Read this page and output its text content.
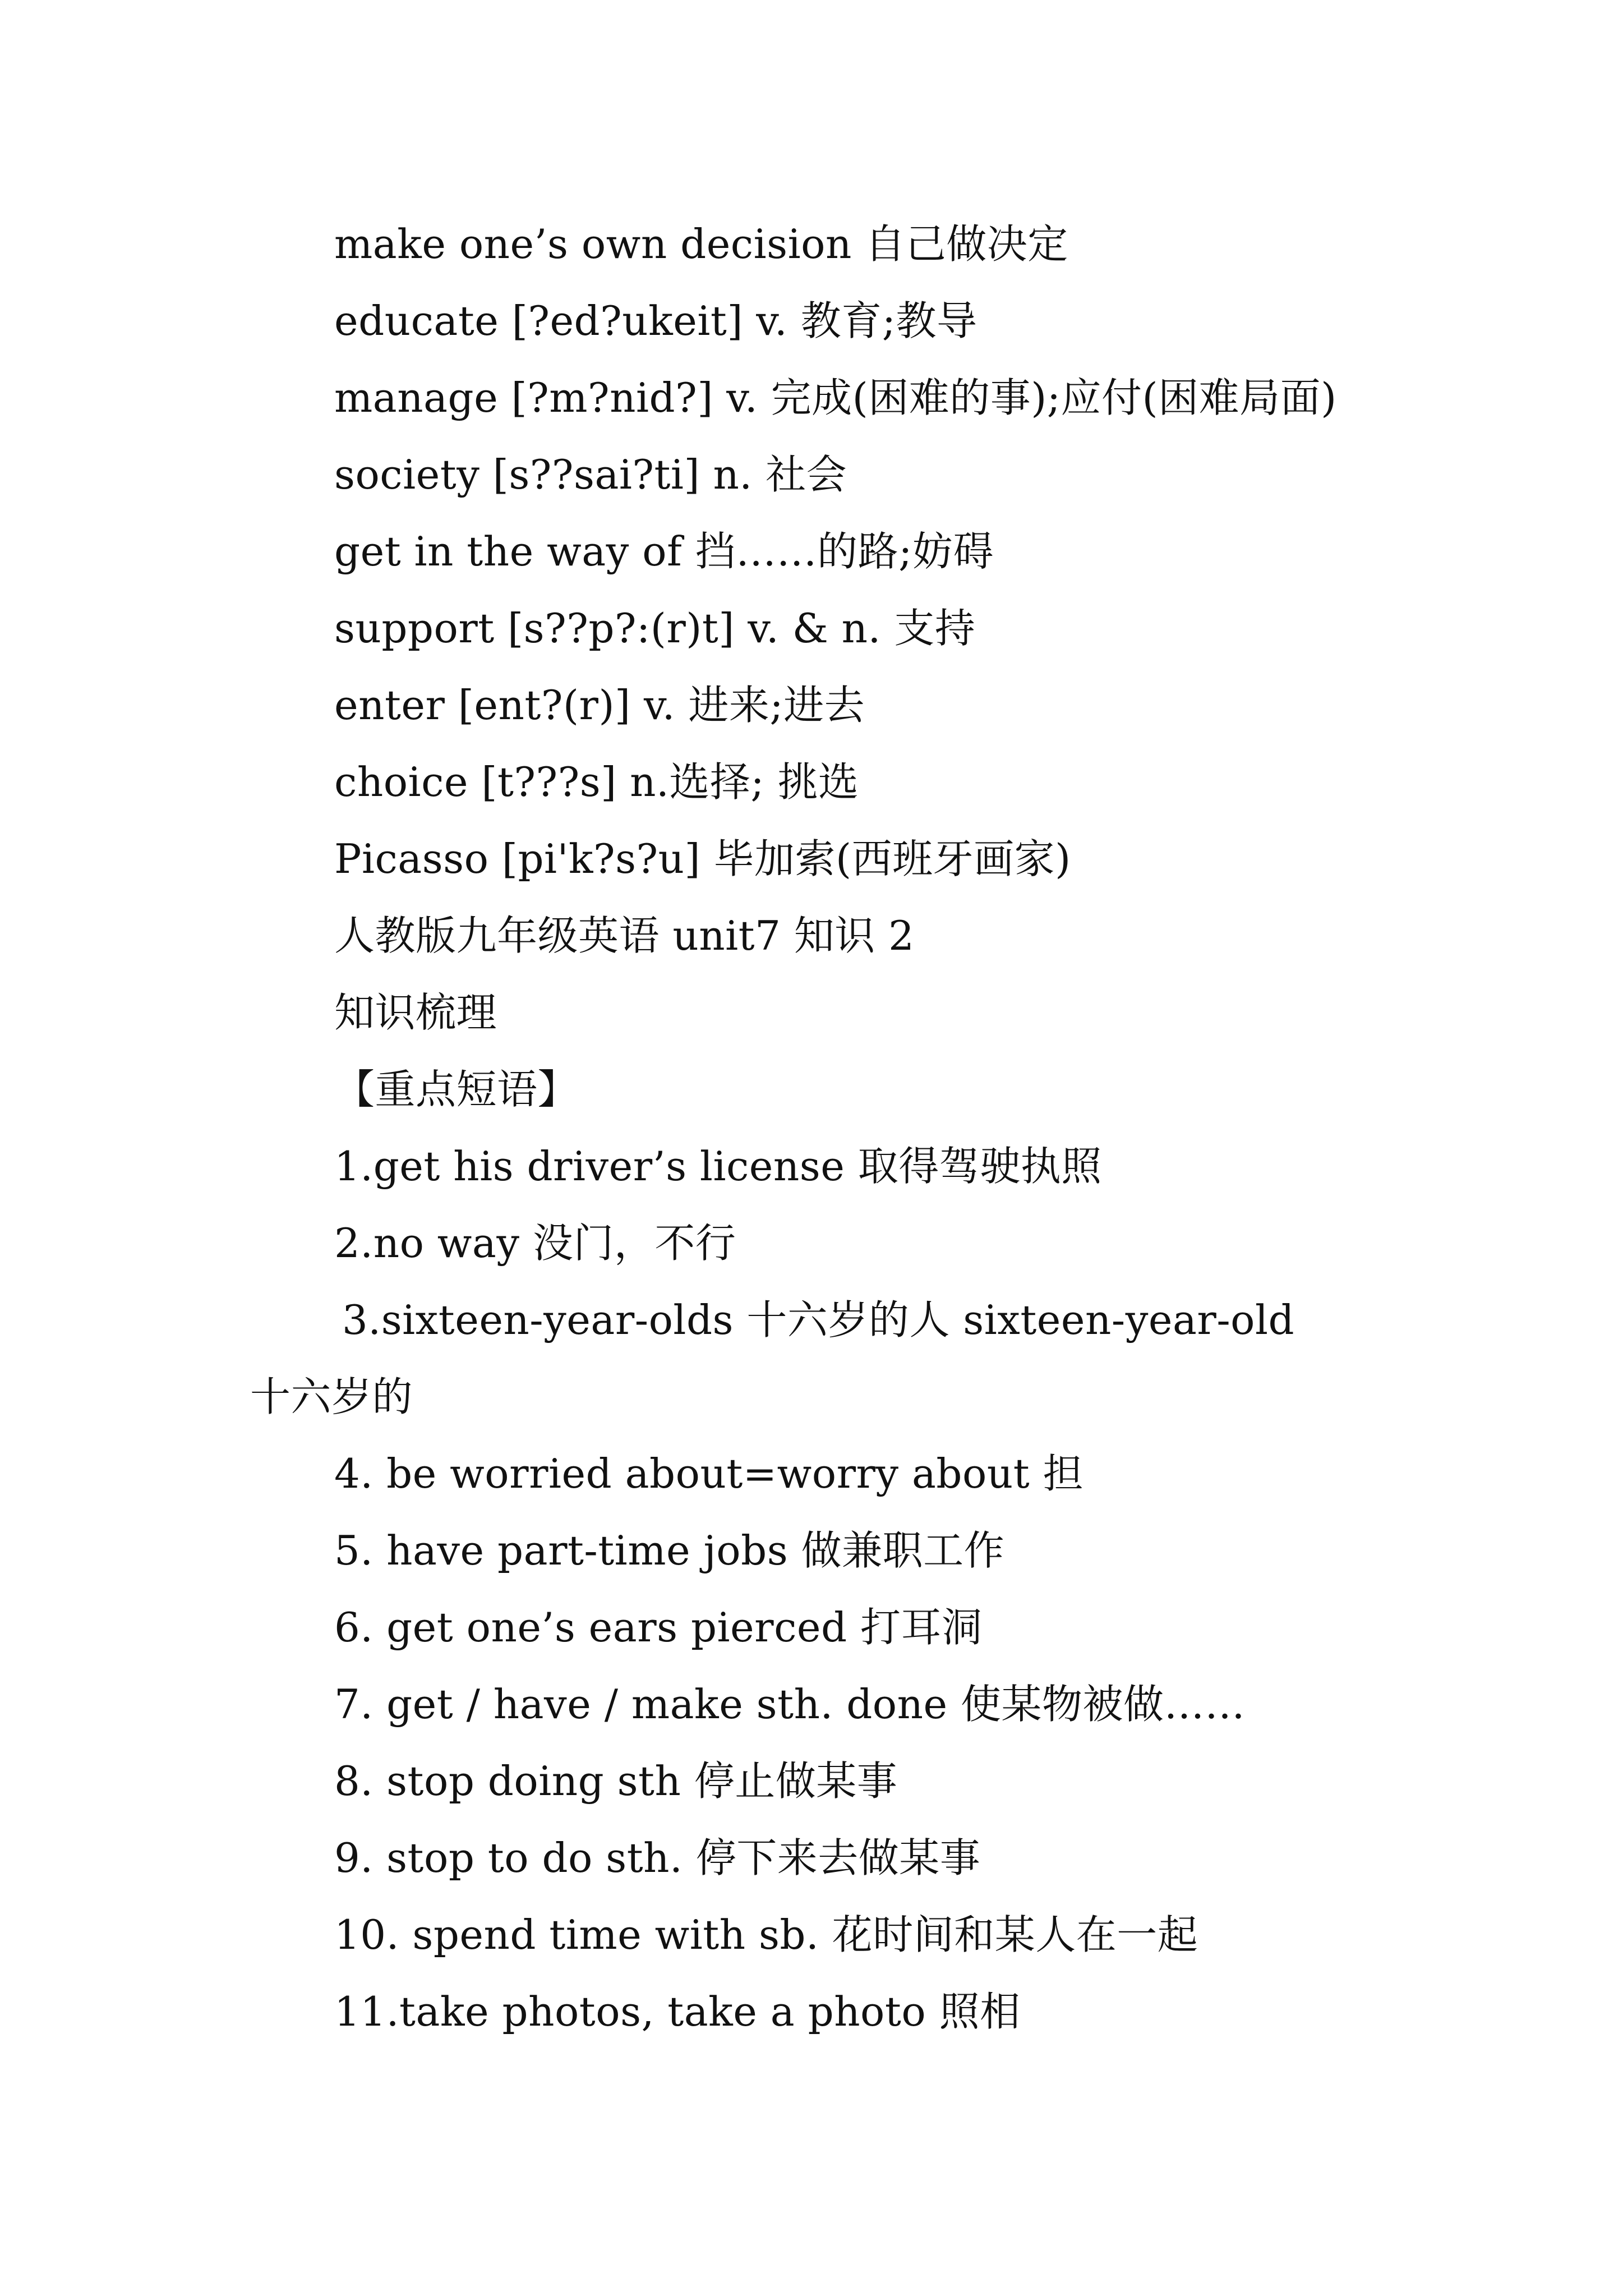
make one’s own decision 自己做决定
educate [?ed?ukeit] v. 教育;教导
manage [?m?nid?] v. 完成(困难的事);应付(困难局面)
society [s??sai?ti] n. 社会
get in the way of 挡……的路;妨碍
support [s??p?:(r)t] v. & n. 支持
enter [ent?(r)] v. 进来;进去
choice [t???s] n.选择; 挑选
Picasso [pi'k?s?u] 毕加索(西班牙画家)
人教版九年级英语 unit7 知识 2
知识梳理
【重点短语】
1.get his driver’s license 取得驾驶执照
2.no way 没门，不行
3.sixteen-year-olds 十六岁的人 sixteen-year-old
十六岁的
4. be worried about=worry about 担
5. have part-time jobs 做兼职工作
6. get one’s ears pierced 打耳洞
7. get / have / make sth. done 使某物被做……
8. stop doing sth 停止做某事
9. stop to do sth. 停下来去做某事
10. spend time with sb. 花时间和某人在一起
11.take photos, take a photo 照相
